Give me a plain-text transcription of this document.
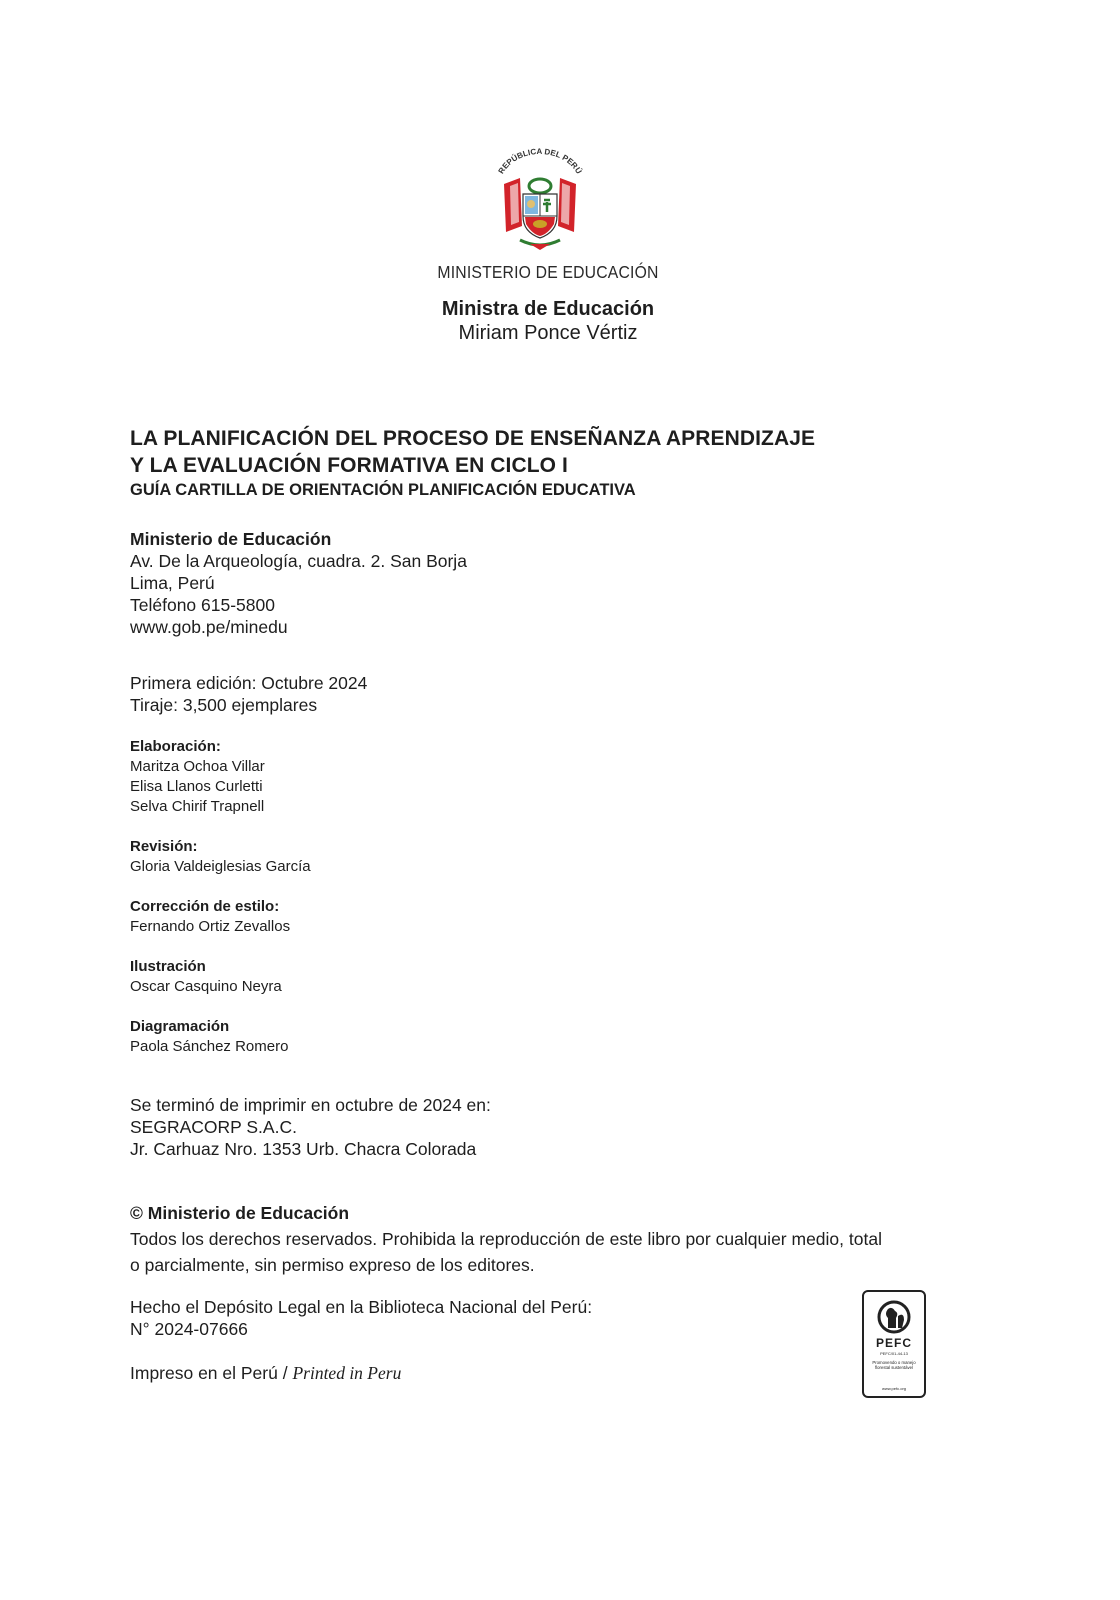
REPÚBLICA DEL PERÚ
MINISTERIO DE EDUCACIÓN
Ministra de Educación
Miriam Ponce Vértiz

LA PLANIFICACIÓN DEL PROCESO DE ENSEÑANZA APRENDIZAJE

Y LA EVALUACIÓN FORMATIVA EN CICLO I

GUÍA CARTILLA DE ORIENTACIÓN PLANIFICACIÓN EDUCATIVA

Ministerio de Educación
Av. De la Arqueología, cuadra. 2. San Borja
Lima, Perú
Teléfono 615-5800
www.gob.pe/minedu
Primera edición: Octubre 2024
Tiraje: 3,500 ejemplares
Elaboración:
Maritza Ochoa Villar
Elisa Llanos Curletti
Selva Chirif Trapnell
Revisión:
Gloria Valdeiglesias García
Corrección de estilo:
Fernando Ortiz Zevallos
Ilustración
Oscar Casquino Neyra
Diagramación
Paola Sánchez Romero
Se terminó de imprimir en octubre de 2024 en:
SEGRACORP S.A.C.
Jr. Carhuaz Nro. 1353 Urb. Chacra Colorada
© Ministerio de Educación
Todos los derechos reservados. Prohibida la reproducción de este libro por cualquier medio, total
o parcialmente, sin permiso expreso de los editores.
Hecho el Depósito Legal en la Biblioteca Nacional del Perú:
N° 2024-07666
Impreso en el Perú / Printed in Peru
PEFC
PEFC/01-44-13
Promovendo o manejo florestal sustentável
www.pefc.org
